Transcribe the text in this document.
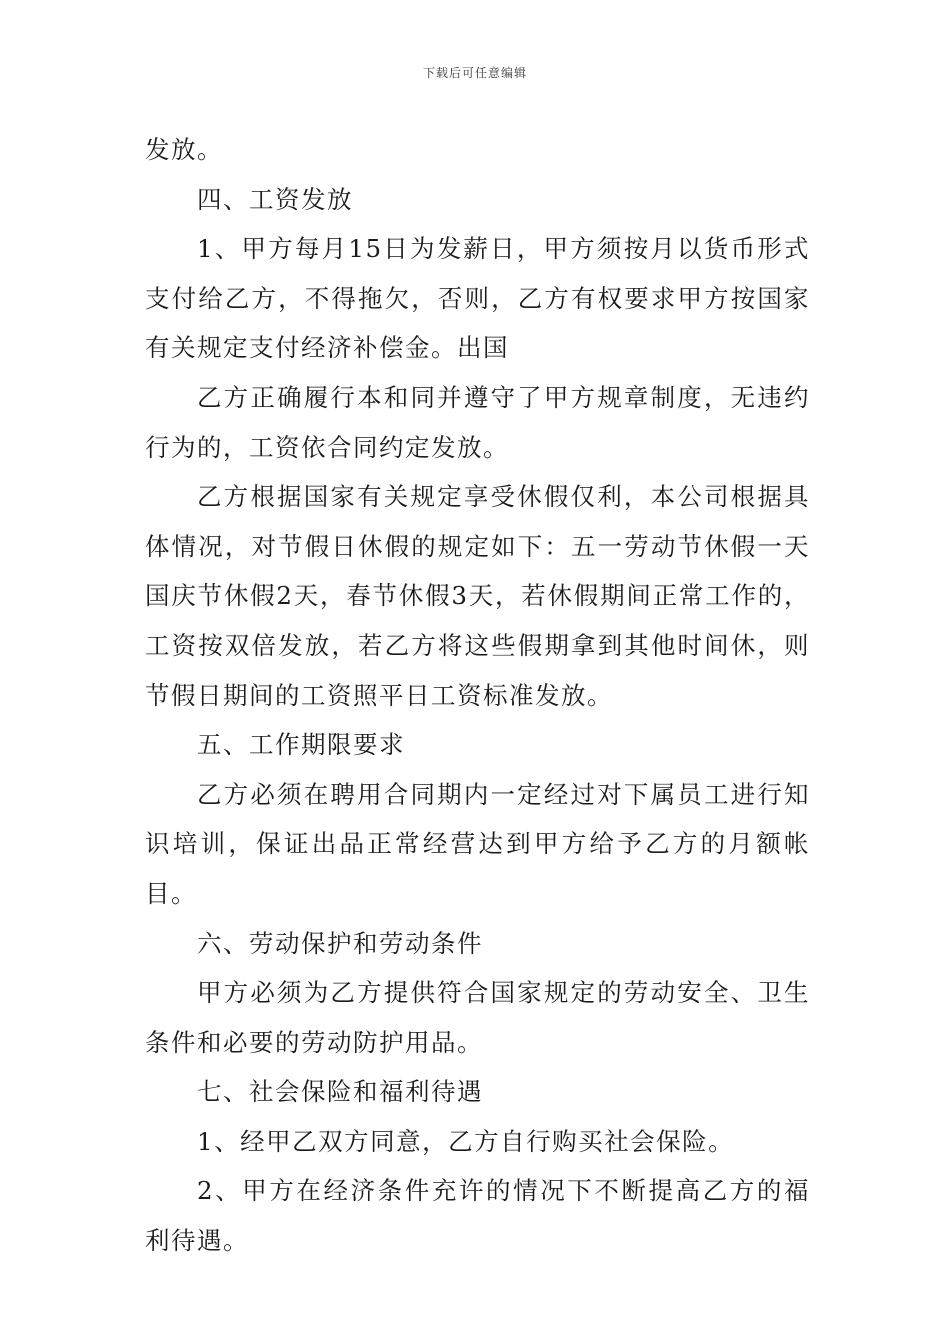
下载后可任意编辑

发放。

四、工资发放

1、甲方每月15日为发薪日，甲方须按月以货币形式支付给乙方，不得拖欠，否则，乙方有权要求甲方按国家有关规定支付经济补偿金。出国

乙方正确履行本和同并遵守了甲方规章制度，无违约行为的，工资依合同约定发放。

乙方根据国家有关规定享受休假仅利，本公司根据具体情况，对节假日休假的规定如下：五一劳动节休假一天国庆节休假2天，春节休假3天，若休假期间正常工作的，工资按双倍发放，若乙方将这些假期拿到其他时间休，则节假日期间的工资照平日工资标准发放。

五、工作期限要求

乙方必须在聘用合同期内一定经过对下属员工进行知识培训，保证出品正常经营达到甲方给予乙方的月额帐目。

六、劳动保护和劳动条件

甲方必须为乙方提供符合国家规定的劳动安全、卫生条件和必要的劳动防护用品。

七、社会保险和福利待遇

1、经甲乙双方同意，乙方自行购买社会保险。

2、甲方在经济条件充许的情况下不断提高乙方的福利待遇。
